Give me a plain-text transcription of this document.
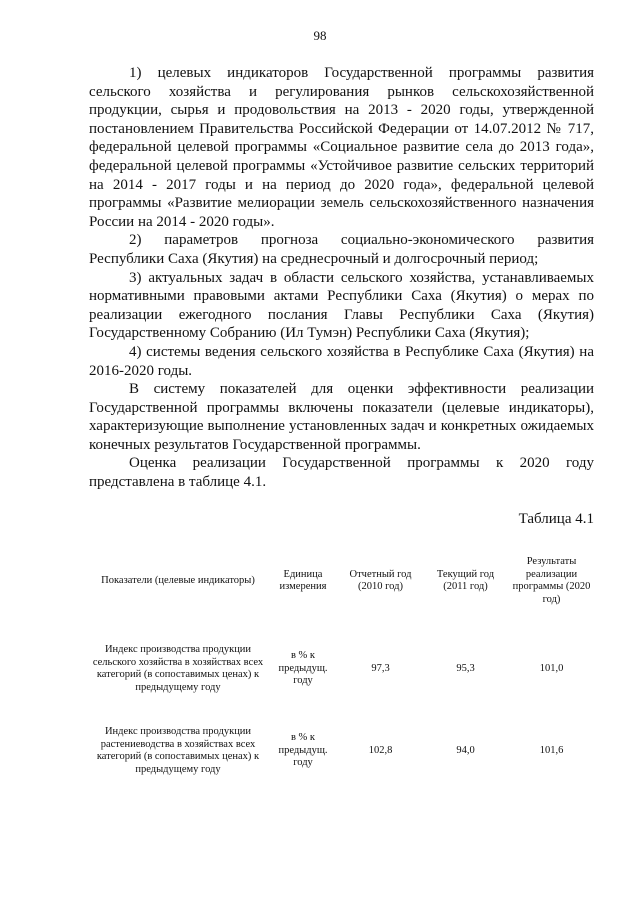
98

1) целевых индикаторов Государственной программы развития сельского хозяйства и регулирования рынков сельскохозяйственной продукции, сырья и продовольствия на 2013 - 2020 годы, утвержденной постановлением Правительства Российской Федерации от 14.07.2012 № 717, федеральной целевой программы «Социальное развитие села до 2013 года», федеральной целевой программы «Устойчивое развитие сельских территорий на 2014 - 2017 годы и на период до 2020 года», федеральной целевой программы «Развитие мелиорации земель сельскохозяйственного назначения России на 2014 - 2020 годы».

2) параметров прогноза социально-экономического развития Республики Саха (Якутия) на среднесрочный и долгосрочный период;

3) актуальных задач в области сельского хозяйства, устанавливаемых нормативными правовыми актами Республики Саха (Якутия) о мерах по реализации ежегодного послания Главы Республики Саха (Якутия) Государственному Собранию (Ил Тумэн) Республики Саха (Якутия);

4) системы ведения сельского хозяйства в Республике Саха (Якутия) на 2016-2020 годы.

В систему показателей для оценки эффективности реализации Государственной программы включены показатели (целевые индикаторы), характеризующие выполнение установленных задач и конкретных ожидаемых конечных результатов Государственной программы.

Оценка реализации Государственной программы к 2020 году представлена в таблице 4.1.

Таблица 4.1
Показатели (целевые индикаторы)	Единица измерения	Отчетный год (2010 год)	Текущий год (2011 год)	Результаты реализации программы (2020 год)

Индекс производства продукции сельского хозяйства в хозяйствах всех категорий (в сопоставимых ценах) к предыдущему году	в % к предыдущ. году	97,3	95,3	101,0

Индекс производства продукции растениеводства в хозяйствах всех категорий (в сопоставимых ценах) к предыдущему году	в % к предыдущ. году	102,8	94,0	101,6
